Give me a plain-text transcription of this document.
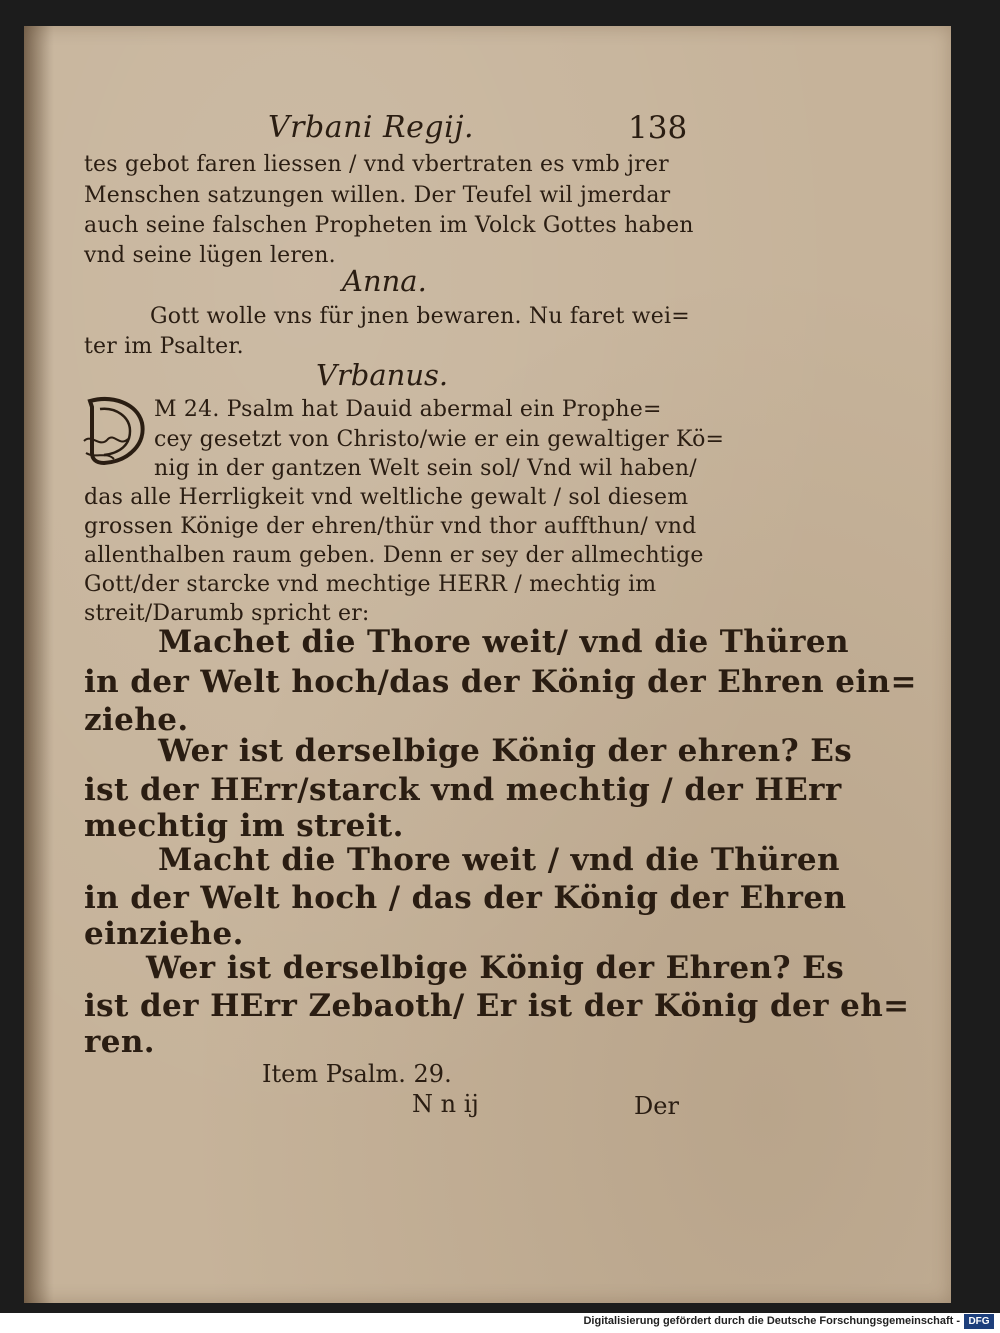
Vrbani Regij.	138
tes gebot faren liessen / vnd vbertraten es vmb jrer
Menschen satzungen willen. Der Teufel wil jmerdar
auch seine falschen Propheten im Volck Gottes haben
vnd seine lügen leren.
Anna.
Gott wolle vns für jnen bewaren. Nu faret wei=
ter im Psalter.
Vrbanus.
M 24. Psalm hat Dauid abermal ein Prophe=
cey gesetzt von Christo/wie er ein gewaltiger Kö=
nig in der gantzen Welt sein sol/ Vnd wil haben/
das alle Herrligkeit vnd weltliche gewalt / sol diesem
grossen Könige der ehren/thür vnd thor auffthun/ vnd
allenthalben raum geben. Denn er sey der allmechtige
Gott/der starcke vnd mechtige HERR / mechtig im
streit/Darumb spricht er:
Machet die Thore weit/ vnd die Thüren
in der Welt hoch/das der König der Ehren ein=
ziehe.
Wer ist derselbige König der ehren? Es
ist der HErr/starck vnd mechtig / der HErr
mechtig im streit.
Macht die Thore weit / vnd die Thüren
in der Welt hoch / das der König der Ehren
einziehe.
Wer ist derselbige König der Ehren? Es
ist der HErr Zebaoth/ Er ist der König der eh=
ren.
Item Psalm. 29.
N n ij	Der
Digitalisierung gefördert durch die Deutsche Forschungsgemeinschaft - DFG
